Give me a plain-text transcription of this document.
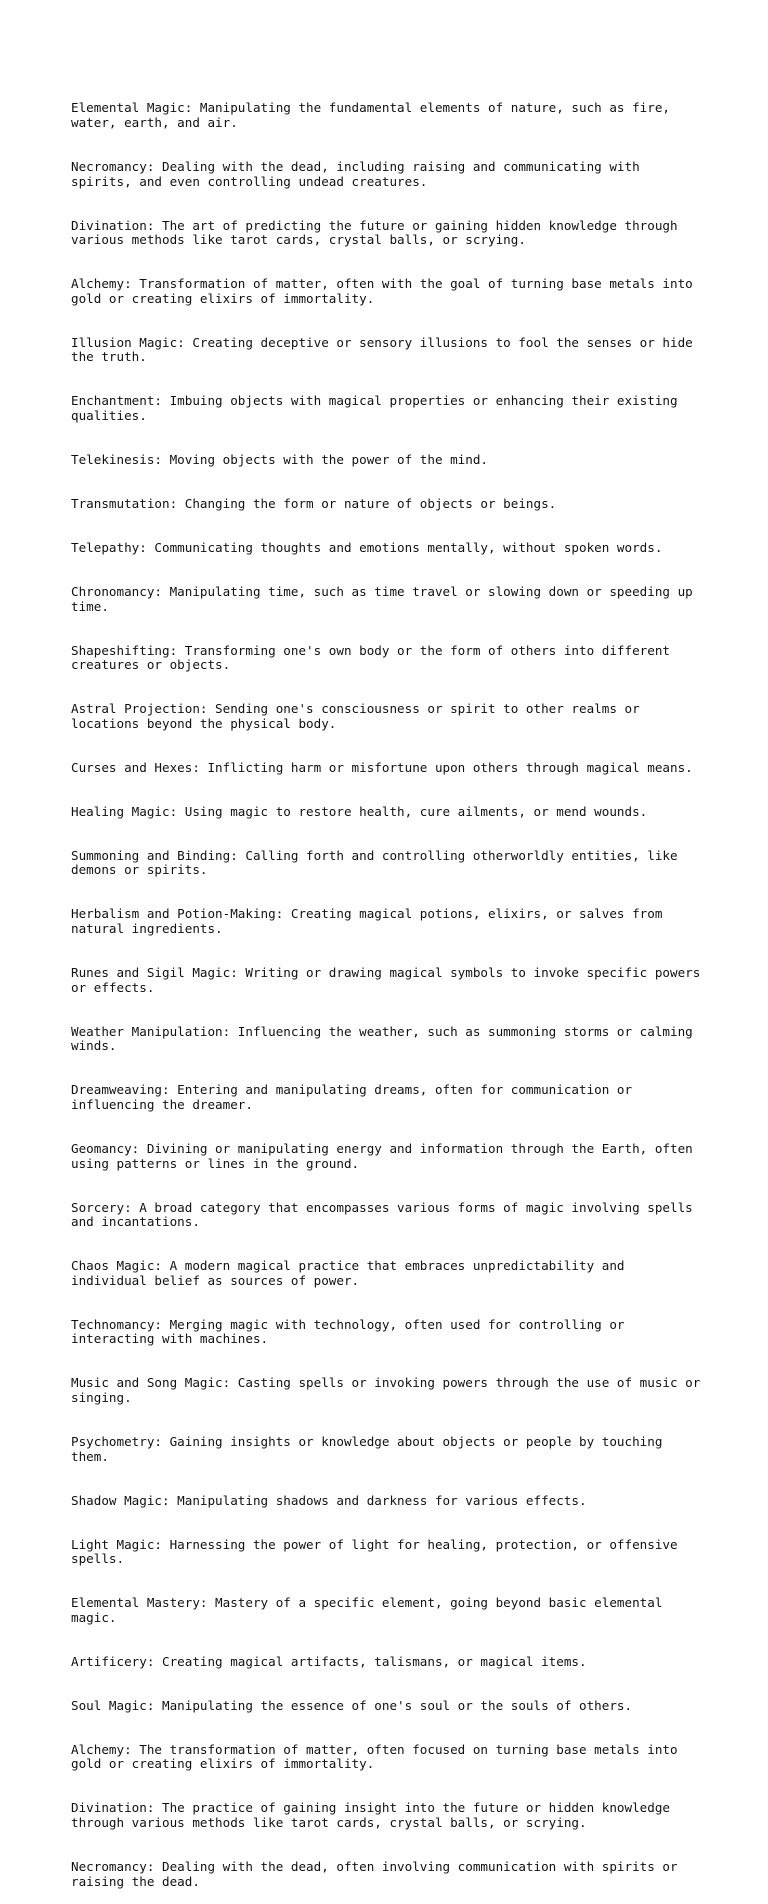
Elemental Magic: Manipulating the fundamental elements of nature, such as fire,
water, earth, and air.

Necromancy: Dealing with the dead, including raising and communicating with
spirits, and even controlling undead creatures.

Divination: The art of predicting the future or gaining hidden knowledge through
various methods like tarot cards, crystal balls, or scrying.

Alchemy: Transformation of matter, often with the goal of turning base metals into
gold or creating elixirs of immortality.

Illusion Magic: Creating deceptive or sensory illusions to fool the senses or hide
the truth.

Enchantment: Imbuing objects with magical properties or enhancing their existing
qualities.

Telekinesis: Moving objects with the power of the mind.

Transmutation: Changing the form or nature of objects or beings.

Telepathy: Communicating thoughts and emotions mentally, without spoken words.

Chronomancy: Manipulating time, such as time travel or slowing down or speeding up
time.

Shapeshifting: Transforming one's own body or the form of others into different
creatures or objects.

Astral Projection: Sending one's consciousness or spirit to other realms or
locations beyond the physical body.

Curses and Hexes: Inflicting harm or misfortune upon others through magical means.

Healing Magic: Using magic to restore health, cure ailments, or mend wounds.

Summoning and Binding: Calling forth and controlling otherworldly entities, like
demons or spirits.

Herbalism and Potion-Making: Creating magical potions, elixirs, or salves from
natural ingredients.

Runes and Sigil Magic: Writing or drawing magical symbols to invoke specific powers
or effects.

Weather Manipulation: Influencing the weather, such as summoning storms or calming
winds.

Dreamweaving: Entering and manipulating dreams, often for communication or
influencing the dreamer.

Geomancy: Divining or manipulating energy and information through the Earth, often
using patterns or lines in the ground.

Sorcery: A broad category that encompasses various forms of magic involving spells
and incantations.

Chaos Magic: A modern magical practice that embraces unpredictability and
individual belief as sources of power.

Technomancy: Merging magic with technology, often used for controlling or
interacting with machines.

Music and Song Magic: Casting spells or invoking powers through the use of music or
singing.

Psychometry: Gaining insights or knowledge about objects or people by touching
them.

Shadow Magic: Manipulating shadows and darkness for various effects.

Light Magic: Harnessing the power of light for healing, protection, or offensive
spells.

Elemental Mastery: Mastery of a specific element, going beyond basic elemental
magic.

Artificery: Creating magical artifacts, talismans, or magical items.

Soul Magic: Manipulating the essence of one's soul or the souls of others.

Alchemy: The transformation of matter, often focused on turning base metals into
gold or creating elixirs of immortality.

Divination: The practice of gaining insight into the future or hidden knowledge
through various methods like tarot cards, crystal balls, or scrying.

Necromancy: Dealing with the dead, often involving communication with spirits or
raising the dead.
